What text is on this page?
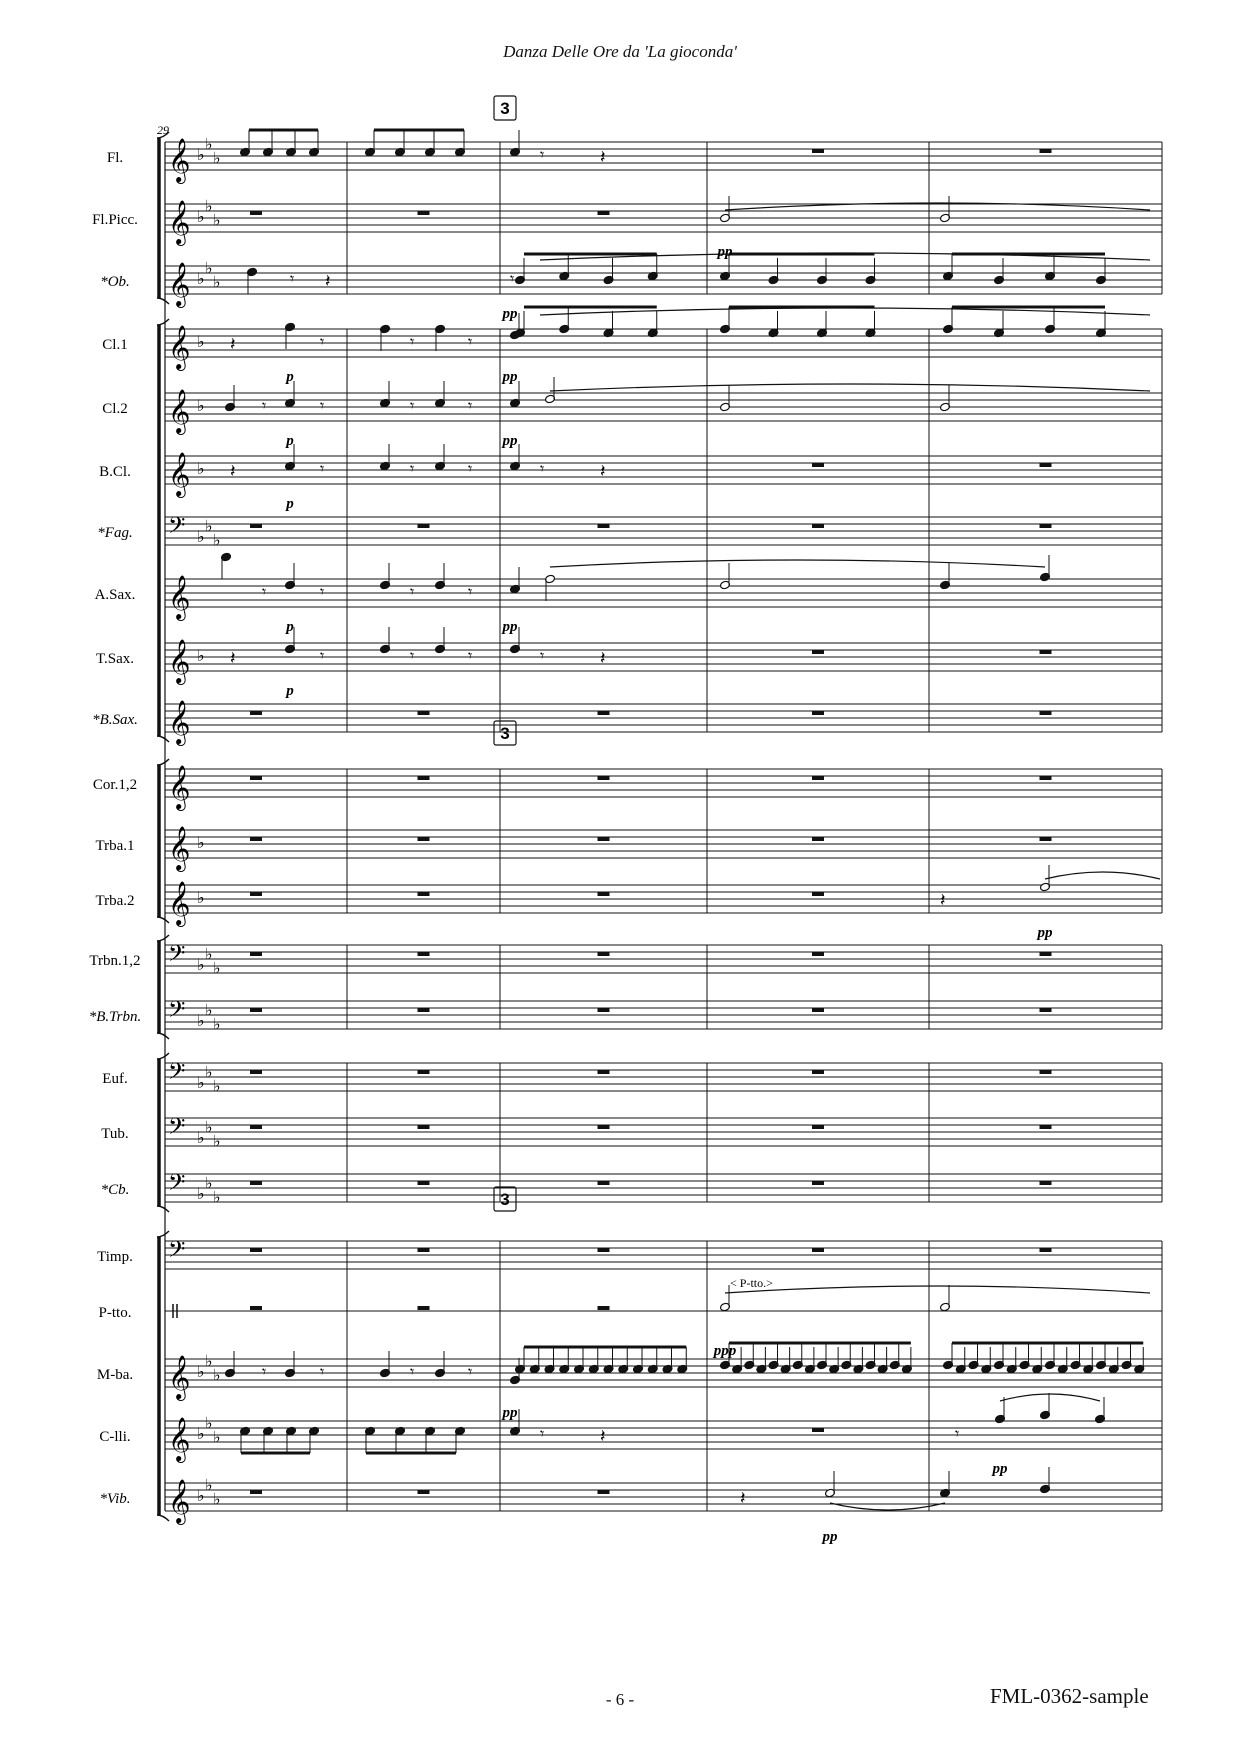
Danza Delle Ore da 'La gioconda'
29
3
3
3
Fl. 𝄞 ♭
♭
♭
Fl.Picc. 𝄞 ♭
♭
♭
*Ob. 𝄞 ♭
♭
♭
Cl.1 𝄞 ♭
Cl.2 𝄞 ♭
B.Cl. 𝄞 ♭
*Fag. 𝄢 ♭
♭
♭
A.Sax. 𝄞
T.Sax. 𝄞 ♭
*B.Sax. 𝄞
Cor.1,2 𝄞
Trba.1 𝄞 ♭
Trba.2 𝄞 ♭
Trbn.1,2 𝄢 ♭
♭
♭
*B.Trbn. 𝄢 ♭
♭
♭
Euf. 𝄢 ♭
♭
♭
Tub. 𝄢 ♭
♭
♭
*Cb. 𝄢 ♭
♭
♭
Timp. 𝄢
P-tto.
M-ba. 𝄞 ♭
♭
♭
C-lli. 𝄞 ♭
♭
♭
*Vib. 𝄞 ♭
♭
♭
𝄾	𝄽
𝄾 𝄽	𝄾
𝄽	𝄾	𝄾	𝄾
𝄾	𝄾	𝄾	𝄾
𝄽	𝄾	𝄾	𝄾	𝄾	𝄽
𝄾	𝄾	𝄾	𝄾
𝄽	𝄾	𝄾	𝄾	𝄾	𝄽
𝄽
𝄾	𝄾	𝄾	𝄾
𝄾	𝄽	𝄾
𝄽
pp
pp
p	pp
p	pp
p
p	pp
p
pp
ppp
pp
pp
pp
< P-tto.>
- 6 -	FML-0362-sample
